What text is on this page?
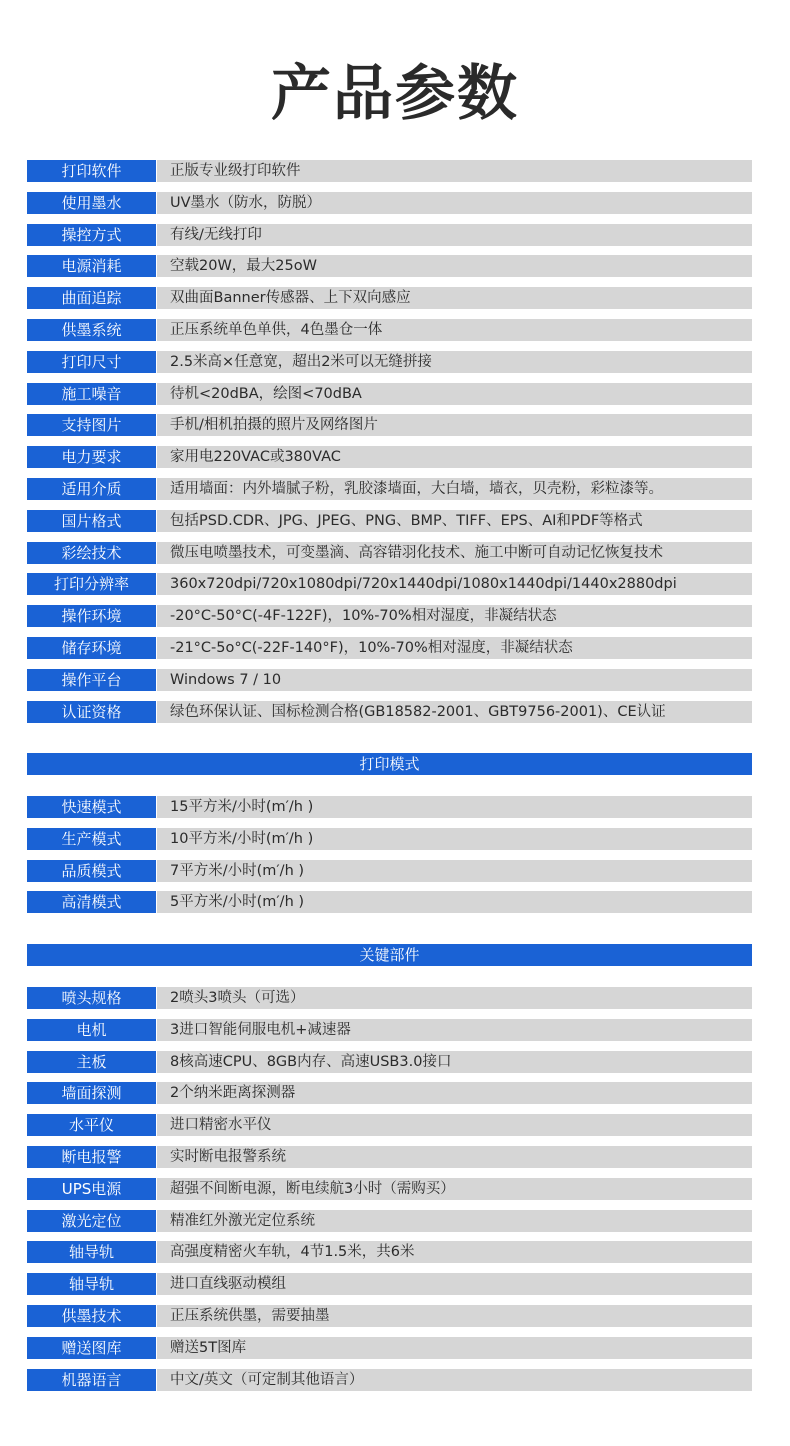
产品参数
打印软件	正版专业级打印软件
使用墨水	UV墨水（防水，防脱）
操控方式	有线/无线打印
电源消耗	空载20W，最大25oW
曲面追踪	双曲面Banner传感器、上下双向感应
供墨系统	正压系统单色单供，4色墨仓一体
打印尺寸	2.5米高×任意宽，超出2米可以无缝拼接
施工噪音	待机<20dBA，绘图<70dBA
支持图片	手机/相机拍摄的照片及网络图片
电力要求	家用电220VAC或380VAC
适用介质	适用墙面：内外墙腻子粉，乳胶漆墙面，大白墙，墙衣，贝壳粉，彩粒漆等。
国片格式	包括PSD.CDR、JPG、JPEG、PNG、BMP、TIFF、EPS、AI和PDF等格式
彩绘技术	微压电喷墨技术，可变墨滴、高容错羽化技术、施工中断可自动记忆恢复技术
打印分辨率	360x720dpi/720x1080dpi/720x1440dpi/1080x1440dpi/1440x2880dpi
操作环境	-20°C-50°C(-4F-122F)，10%-70%相对湿度，非凝结状态
储存环境	-21°C-5o°C(-22F-140°F)，10%-70%相对湿度，非凝结状态
操作平台	Windows 7 / 10
认证资格	绿色环保认证、国标检测合格(GB18582-2001、GBT9756-2001)、CE认证
打印模式
快速模式	15平方米/小时(m′/h )
生产模式	10平方米/小时(m′/h )
品质模式	7平方米/小时(m′/h )
高清模式	5平方米/小时(m′/h )
关键部件
喷头规格	2喷头3喷头（可选）
电机	3进口智能伺服电机+减速器
主板	8核高速CPU、8GB内存、高速USB3.0接口
墙面探测	2个纳米距离探测器
水平仪	进口精密水平仪
断电报警	实时断电报警系统
UPS电源	超强不间断电源，断电续航3小时（需购买）
激光定位	精准红外激光定位系统
轴导轨	高强度精密火车轨，4节1.5米，共6米
轴导轨	进口直线驱动模组
供墨技术	正压系统供墨，需要抽墨
赠送图库	赠送5T图库
机器语言	中文/英文（可定制其他语言）
